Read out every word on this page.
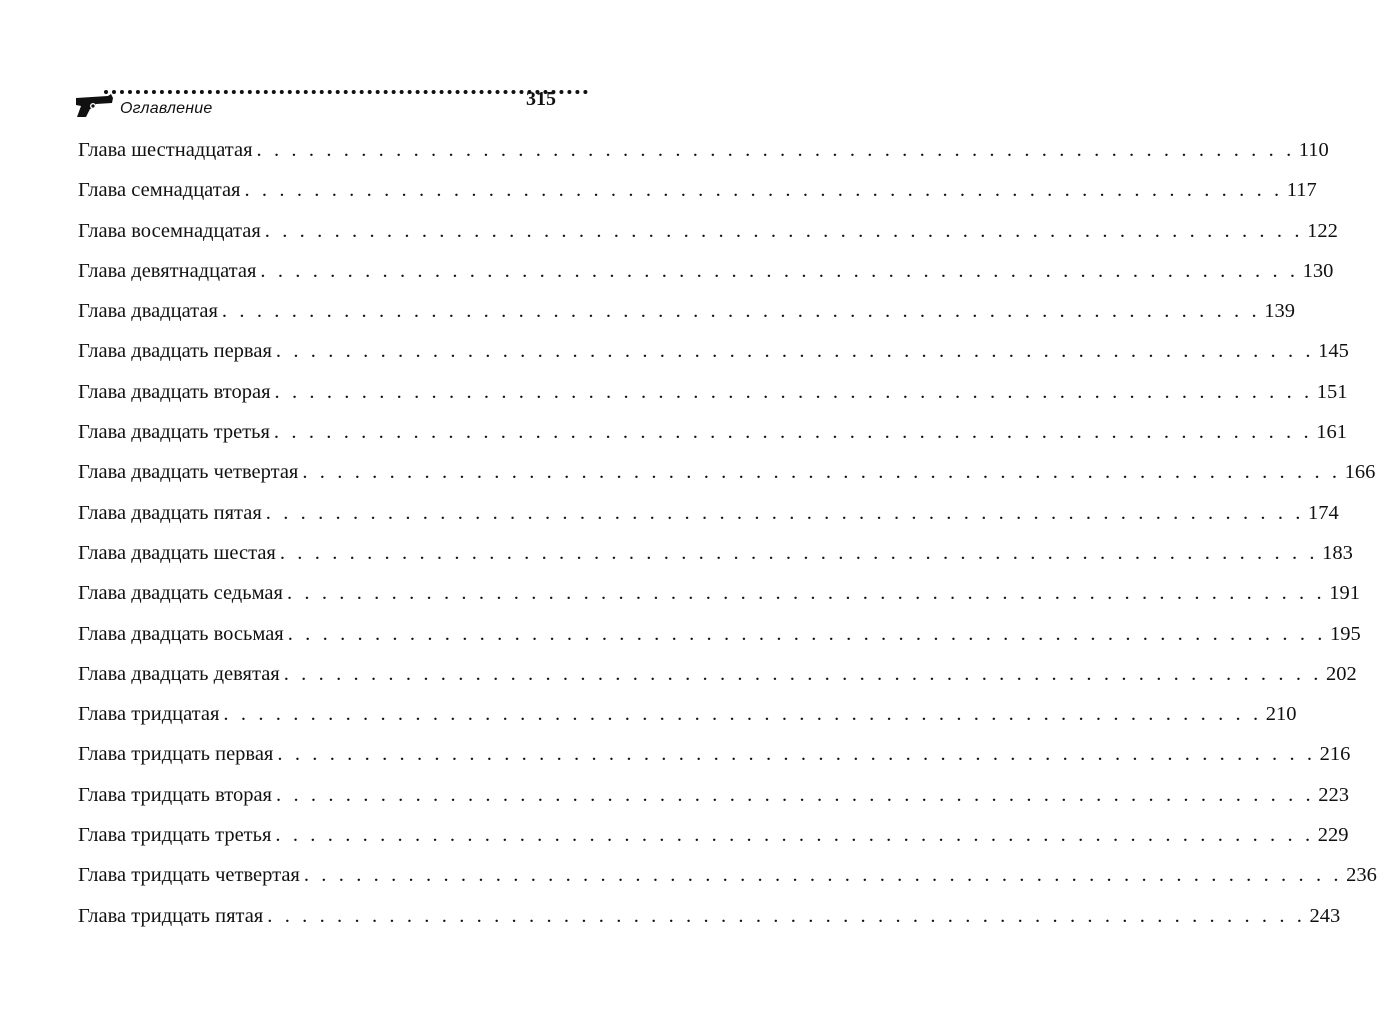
Оглавление	315
Глава шестнадцатая . . . . . . . . . . . . . . . . . . . . . . . . . . . . . . . . . . . . . . . . . . . . . . . . . . . . . . . . . . . . 110
Глава семнадцатая . . . . . . . . . . . . . . . . . . . . . . . . . . . . . . . . . . . . . . . . . . . . . . . . . . . . . . . . . . . . 117
Глава восемнадцатая . . . . . . . . . . . . . . . . . . . . . . . . . . . . . . . . . . . . . . . . . . . . . . . . . . . . . . . . . . . . 122
Глава девятнадцатая . . . . . . . . . . . . . . . . . . . . . . . . . . . . . . . . . . . . . . . . . . . . . . . . . . . . . . . . . . . . 130
Глава двадцатая . . . . . . . . . . . . . . . . . . . . . . . . . . . . . . . . . . . . . . . . . . . . . . . . . . . . . . . . . . . . 139
Глава двадцать первая . . . . . . . . . . . . . . . . . . . . . . . . . . . . . . . . . . . . . . . . . . . . . . . . . . . . . . . . . . . . 145
Глава двадцать вторая . . . . . . . . . . . . . . . . . . . . . . . . . . . . . . . . . . . . . . . . . . . . . . . . . . . . . . . . . . . . 151
Глава двадцать третья . . . . . . . . . . . . . . . . . . . . . . . . . . . . . . . . . . . . . . . . . . . . . . . . . . . . . . . . . . . . 161
Глава двадцать четвертая . . . . . . . . . . . . . . . . . . . . . . . . . . . . . . . . . . . . . . . . . . . . . . . . . . . . . . . . . . . . 166
Глава двадцать пятая . . . . . . . . . . . . . . . . . . . . . . . . . . . . . . . . . . . . . . . . . . . . . . . . . . . . . . . . . . . . 174
Глава двадцать шестая . . . . . . . . . . . . . . . . . . . . . . . . . . . . . . . . . . . . . . . . . . . . . . . . . . . . . . . . . . . . 183
Глава двадцать седьмая . . . . . . . . . . . . . . . . . . . . . . . . . . . . . . . . . . . . . . . . . . . . . . . . . . . . . . . . . . . . 191
Глава двадцать восьмая . . . . . . . . . . . . . . . . . . . . . . . . . . . . . . . . . . . . . . . . . . . . . . . . . . . . . . . . . . . . 195
Глава двадцать девятая . . . . . . . . . . . . . . . . . . . . . . . . . . . . . . . . . . . . . . . . . . . . . . . . . . . . . . . . . . . . 202
Глава тридцатая . . . . . . . . . . . . . . . . . . . . . . . . . . . . . . . . . . . . . . . . . . . . . . . . . . . . . . . . . . . . 210
Глава тридцать первая . . . . . . . . . . . . . . . . . . . . . . . . . . . . . . . . . . . . . . . . . . . . . . . . . . . . . . . . . . . . 216
Глава тридцать вторая . . . . . . . . . . . . . . . . . . . . . . . . . . . . . . . . . . . . . . . . . . . . . . . . . . . . . . . . . . . . 223
Глава тридцать третья . . . . . . . . . . . . . . . . . . . . . . . . . . . . . . . . . . . . . . . . . . . . . . . . . . . . . . . . . . . . 229
Глава тридцать четвертая . . . . . . . . . . . . . . . . . . . . . . . . . . . . . . . . . . . . . . . . . . . . . . . . . . . . . . . . . . . . 236
Глава тридцать пятая . . . . . . . . . . . . . . . . . . . . . . . . . . . . . . . . . . . . . . . . . . . . . . . . . . . . . . . . . . . . 243
